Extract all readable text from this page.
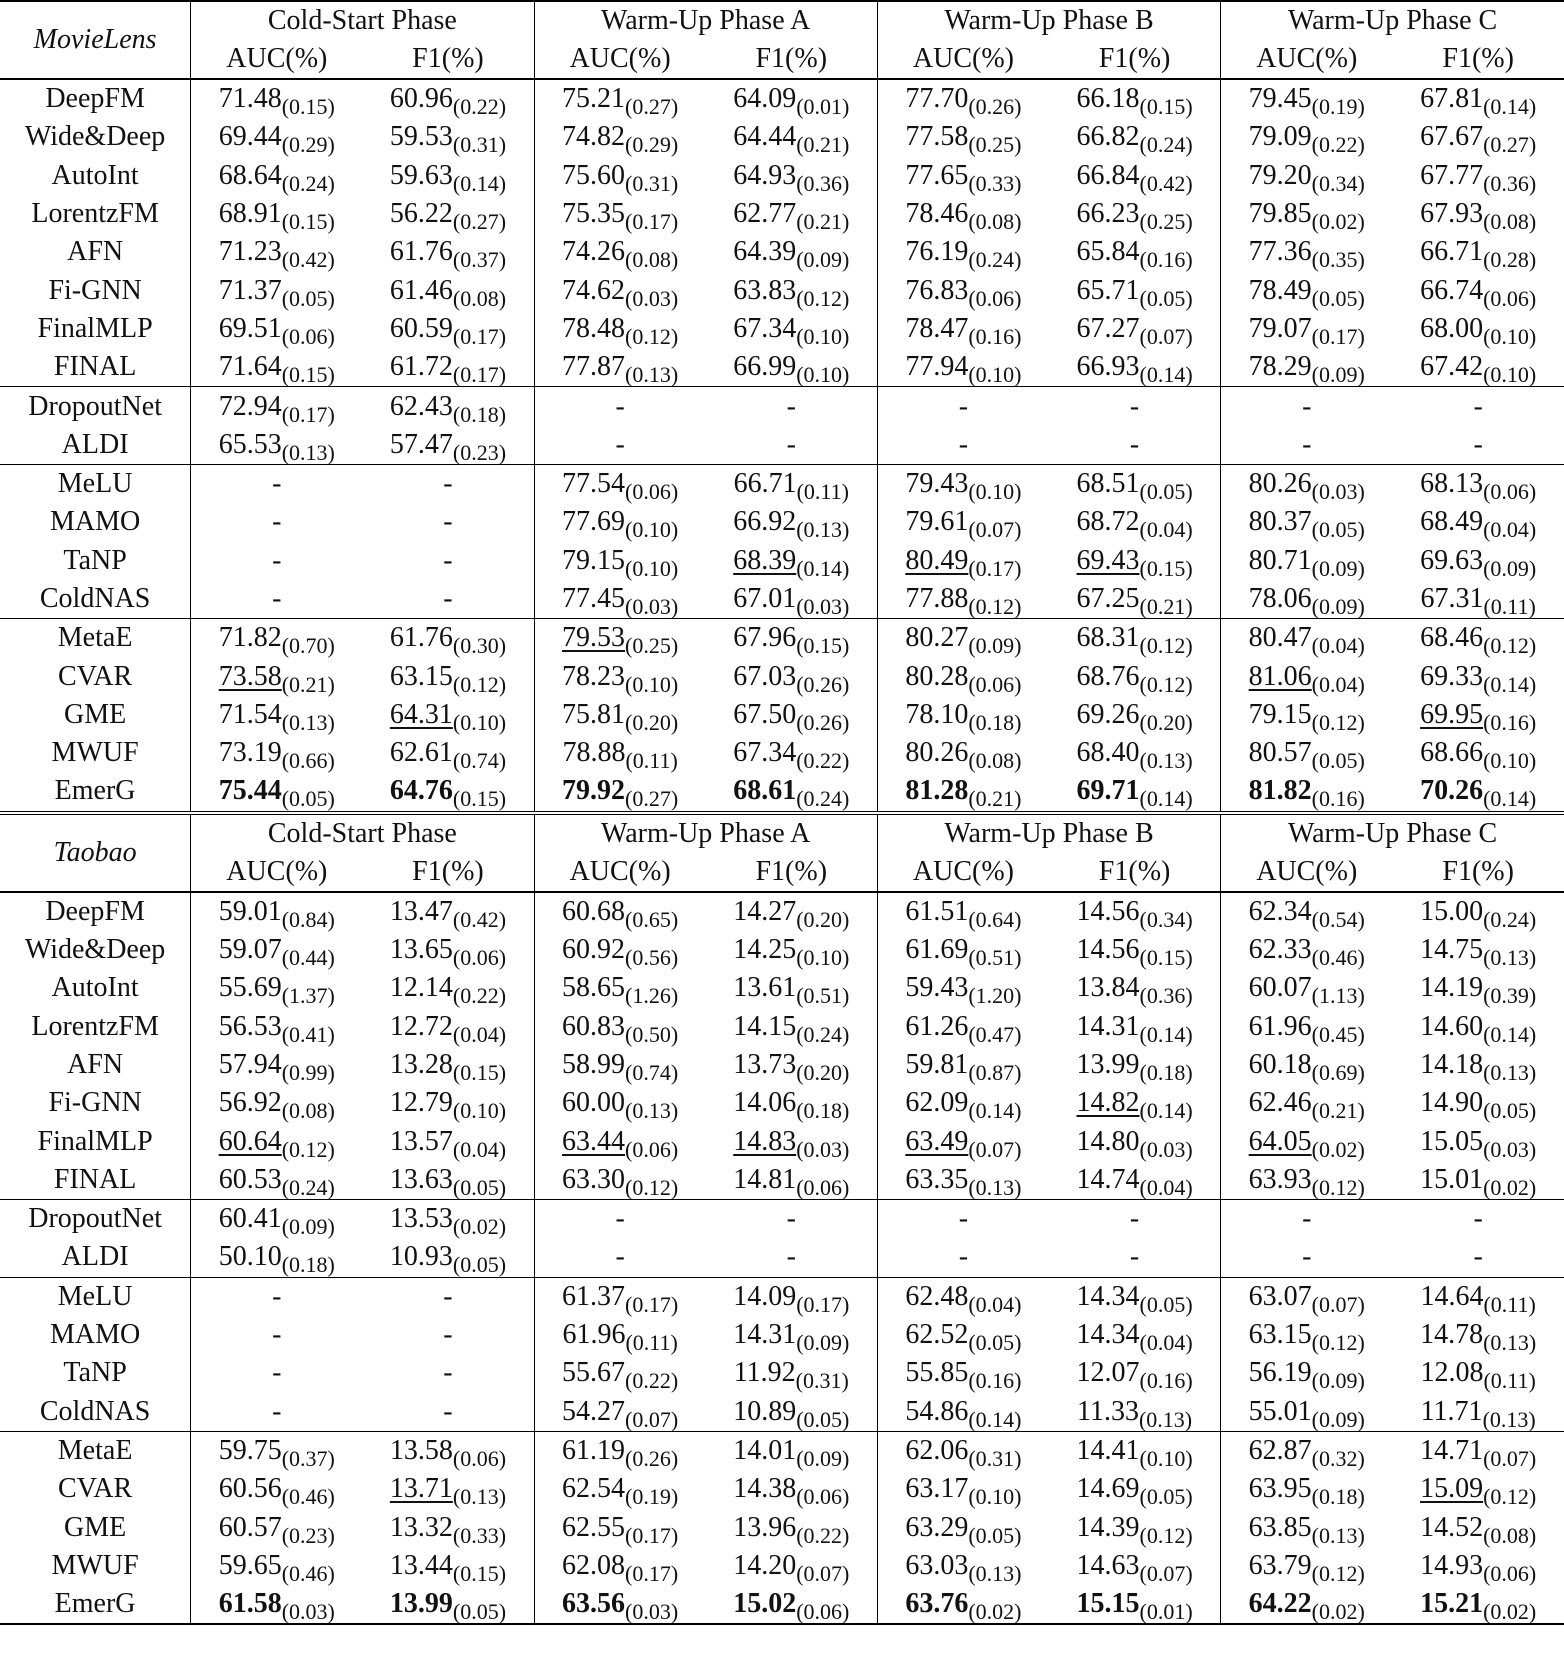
MovieLens	Cold-Start Phase		Warm-Up Phase A		Warm-Up Phase B		Warm-Up Phase C	
	AUC(%)	F1(%)	AUC(%)	F1(%)	AUC(%)	F1(%)	AUC(%)	F1(%)
DeepFM	$71.48_{(0.15)}$	$60.96_{(0.22)}$	$75.21_{(0.27)}$	$64.09_{(0.01)}$	$77.70_{(0.26)}$	$66.18_{(0.15)}$	$79.45_{(0.19)}$	$67.81_{(0.14)}$
Wide&Deep	$69.44_{(0.29)}$	$59.53_{(0.31)}$	$74.82_{(0.29)}$	$64.44_{(0.21)}$	$77.58_{(0.25)}$	$66.82_{(0.24)}$	$79.09_{(0.22)}$	$67.67_{(0.27)}$
AutoInt	$68.64_{(0.24)}$	$59.63_{(0.14)}$	$75.60_{(0.31)}$	$64.93_{(0.36)}$	$77.65_{(0.33)}$	$66.84_{(0.42)}$	$79.20_{(0.34)}$	$67.77_{(0.36)}$
LorentzFM	$68.91_{(0.15)}$	$56.22_{(0.27)}$	$75.35_{(0.17)}$	$62.77_{(0.21)}$	$78.46_{(0.08)}$	$66.23_{(0.25)}$	$79.85_{(0.02)}$	$67.93_{(0.08)}$
AFN	$71.23_{(0.42)}$	$61.76_{(0.37)}$	$74.26_{(0.08)}$	$64.39_{(0.09)}$	$76.19_{(0.24)}$	$65.84_{(0.16)}$	$77.36_{(0.35)}$	$66.71_{(0.28)}$
Fi-GNN	$71.37_{(0.05)}$	$61.46_{(0.08)}$	$74.62_{(0.03)}$	$63.83_{(0.12)}$	$76.83_{(0.06)}$	$65.71_{(0.05)}$	$78.49_{(0.05)}$	$66.74_{(0.06)}$
FinalMLP	$69.51_{(0.06)}$	$60.59_{(0.17)}$	$78.48_{(0.12)}$	$67.34_{(0.10)}$	$78.47_{(0.16)}$	$67.27_{(0.07)}$	$79.07_{(0.17)}$	$68.00_{(0.10)}$
FINAL	$71.64_{(0.15)}$	$61.72_{(0.17)}$	$77.87_{(0.13)}$	$66.99_{(0.10)}$	$77.94_{(0.10)}$	$66.93_{(0.14)}$	$78.29_{(0.09)}$	$67.42_{(0.10)}$
DropoutNet	$72.94_{(0.17)}$	$62.43_{(0.18)}$	-	-	-	-	-	-
ALDI	$65.53_{(0.13)}$	$57.47_{(0.23)}$	-	-	-	-	-	-
MeLU	-	-	$77.54_{(0.06)}$	$66.71_{(0.11)}$	$79.43_{(0.10)}$	$68.51_{(0.05)}$	$80.26_{(0.03)}$	$68.13_{(0.06)}$
MAMO	-	-	$77.69_{(0.10)}$	$66.92_{(0.13)}$	$79.61_{(0.07)}$	$68.72_{(0.04)}$	$80.37_{(0.05)}$	$68.49_{(0.04)}$
TaNP	-	-	$79.15_{(0.10)}$	$68.39_{(0.14)}$	$80.49_{(0.17)}$	$69.43_{(0.15)}$	$80.71_{(0.09)}$	$69.63_{(0.09)}$
ColdNAS	-	-	$77.45_{(0.03)}$	$67.01_{(0.03)}$	$77.88_{(0.12)}$	$67.25_{(0.21)}$	$78.06_{(0.09)}$	$67.31_{(0.11)}$
MetaE	$71.82_{(0.70)}$	$61.76_{(0.30)}$	$79.53_{(0.25)}$	$67.96_{(0.15)}$	$80.27_{(0.09)}$	$68.31_{(0.12)}$	$80.47_{(0.04)}$	$68.46_{(0.12)}$
CVAR	$73.58_{(0.21)}$	$63.15_{(0.12)}$	$78.23_{(0.10)}$	$67.03_{(0.26)}$	$80.28_{(0.06)}$	$68.76_{(0.12)}$	$81.06_{(0.04)}$	$69.33_{(0.14)}$
GME	$71.54_{(0.13)}$	$64.31_{(0.10)}$	$75.81_{(0.20)}$	$67.50_{(0.26)}$	$78.10_{(0.18)}$	$69.26_{(0.20)}$	$79.15_{(0.12)}$	$69.95_{(0.16)}$
MWUF	$73.19_{(0.66)}$	$62.61_{(0.74)}$	$78.88_{(0.11)}$	$67.34_{(0.22)}$	$80.26_{(0.08)}$	$68.40_{(0.13)}$	$80.57_{(0.05)}$	$68.66_{(0.10)}$
EmerG	$75.44_{(0.05)}$	$64.76_{(0.15)}$	$79.92_{(0.27)}$	$68.61_{(0.24)}$	$81.28_{(0.21)}$	$69.71_{(0.14)}$	$81.82_{(0.16)}$	$70.26_{(0.14)}$
Taobao	Cold-Start Phase		Warm-Up Phase A		Warm-Up Phase B		Warm-Up Phase C	
	AUC(%)	F1(%)	AUC(%)	F1(%)	AUC(%)	F1(%)	AUC(%)	F1(%)
DeepFM	$59.01_{(0.84)}$	$13.47_{(0.42)}$	$60.68_{(0.65)}$	$14.27_{(0.20)}$	$61.51_{(0.64)}$	$14.56_{(0.34)}$	$62.34_{(0.54)}$	$15.00_{(0.24)}$
Wide&Deep	$59.07_{(0.44)}$	$13.65_{(0.06)}$	$60.92_{(0.56)}$	$14.25_{(0.10)}$	$61.69_{(0.51)}$	$14.56_{(0.15)}$	$62.33_{(0.46)}$	$14.75_{(0.13)}$
AutoInt	$55.69_{(1.37)}$	$12.14_{(0.22)}$	$58.65_{(1.26)}$	$13.61_{(0.51)}$	$59.43_{(1.20)}$	$13.84_{(0.36)}$	$60.07_{(1.13)}$	$14.19_{(0.39)}$
LorentzFM	$56.53_{(0.41)}$	$12.72_{(0.04)}$	$60.83_{(0.50)}$	$14.15_{(0.24)}$	$61.26_{(0.47)}$	$14.31_{(0.14)}$	$61.96_{(0.45)}$	$14.60_{(0.14)}$
AFN	$57.94_{(0.99)}$	$13.28_{(0.15)}$	$58.99_{(0.74)}$	$13.73_{(0.20)}$	$59.81_{(0.87)}$	$13.99_{(0.18)}$	$60.18_{(0.69)}$	$14.18_{(0.13)}$
Fi-GNN	$56.92_{(0.08)}$	$12.79_{(0.10)}$	$60.00_{(0.13)}$	$14.06_{(0.18)}$	$62.09_{(0.14)}$	$14.82_{(0.14)}$	$62.46_{(0.21)}$	$14.90_{(0.05)}$
FinalMLP	$60.64_{(0.12)}$	$13.57_{(0.04)}$	$63.44_{(0.06)}$	$14.83_{(0.03)}$	$63.49_{(0.07)}$	$14.80_{(0.03)}$	$64.05_{(0.02)}$	$15.05_{(0.03)}$
FINAL	$60.53_{(0.24)}$	$13.63_{(0.05)}$	$63.30_{(0.12)}$	$14.81_{(0.06)}$	$63.35_{(0.13)}$	$14.74_{(0.04)}$	$63.93_{(0.12)}$	$15.01_{(0.02)}$
DropoutNet	$60.41_{(0.09)}$	$13.53_{(0.02)}$	-	-	-	-	-	-
ALDI	$50.10_{(0.18)}$	$10.93_{(0.05)}$	-	-	-	-	-	-
MeLU	-	-	$61.37_{(0.17)}$	$14.09_{(0.17)}$	$62.48_{(0.04)}$	$14.34_{(0.05)}$	$63.07_{(0.07)}$	$14.64_{(0.11)}$
MAMO	-	-	$61.96_{(0.11)}$	$14.31_{(0.09)}$	$62.52_{(0.05)}$	$14.34_{(0.04)}$	$63.15_{(0.12)}$	$14.78_{(0.13)}$
TaNP	-	-	$55.67_{(0.22)}$	$11.92_{(0.31)}$	$55.85_{(0.16)}$	$12.07_{(0.16)}$	$56.19_{(0.09)}$	$12.08_{(0.11)}$
ColdNAS	-	-	$54.27_{(0.07)}$	$10.89_{(0.05)}$	$54.86_{(0.14)}$	$11.33_{(0.13)}$	$55.01_{(0.09)}$	$11.71_{(0.13)}$
MetaE	$59.75_{(0.37)}$	$13.58_{(0.06)}$	$61.19_{(0.26)}$	$14.01_{(0.09)}$	$62.06_{(0.31)}$	$14.41_{(0.10)}$	$62.87_{(0.32)}$	$14.71_{(0.07)}$
CVAR	$60.56_{(0.46)}$	$13.71_{(0.13)}$	$62.54_{(0.19)}$	$14.38_{(0.06)}$	$63.17_{(0.10)}$	$14.69_{(0.05)}$	$63.95_{(0.18)}$	$15.09_{(0.12)}$
GME	$60.57_{(0.23)}$	$13.32_{(0.33)}$	$62.55_{(0.17)}$	$13.96_{(0.22)}$	$63.29_{(0.05)}$	$14.39_{(0.12)}$	$63.85_{(0.13)}$	$14.52_{(0.08)}$
MWUF	$59.65_{(0.46)}$	$13.44_{(0.15)}$	$62.08_{(0.17)}$	$14.20_{(0.07)}$	$63.03_{(0.13)}$	$14.63_{(0.07)}$	$63.79_{(0.12)}$	$14.93_{(0.06)}$
EmerG	$61.58_{(0.03)}$	$13.99_{(0.05)}$	$63.56_{(0.03)}$	$15.02_{(0.06)}$	$63.76_{(0.02)}$	$15.15_{(0.01)}$	$64.22_{(0.02)}$	$15.21_{(0.02)}$
